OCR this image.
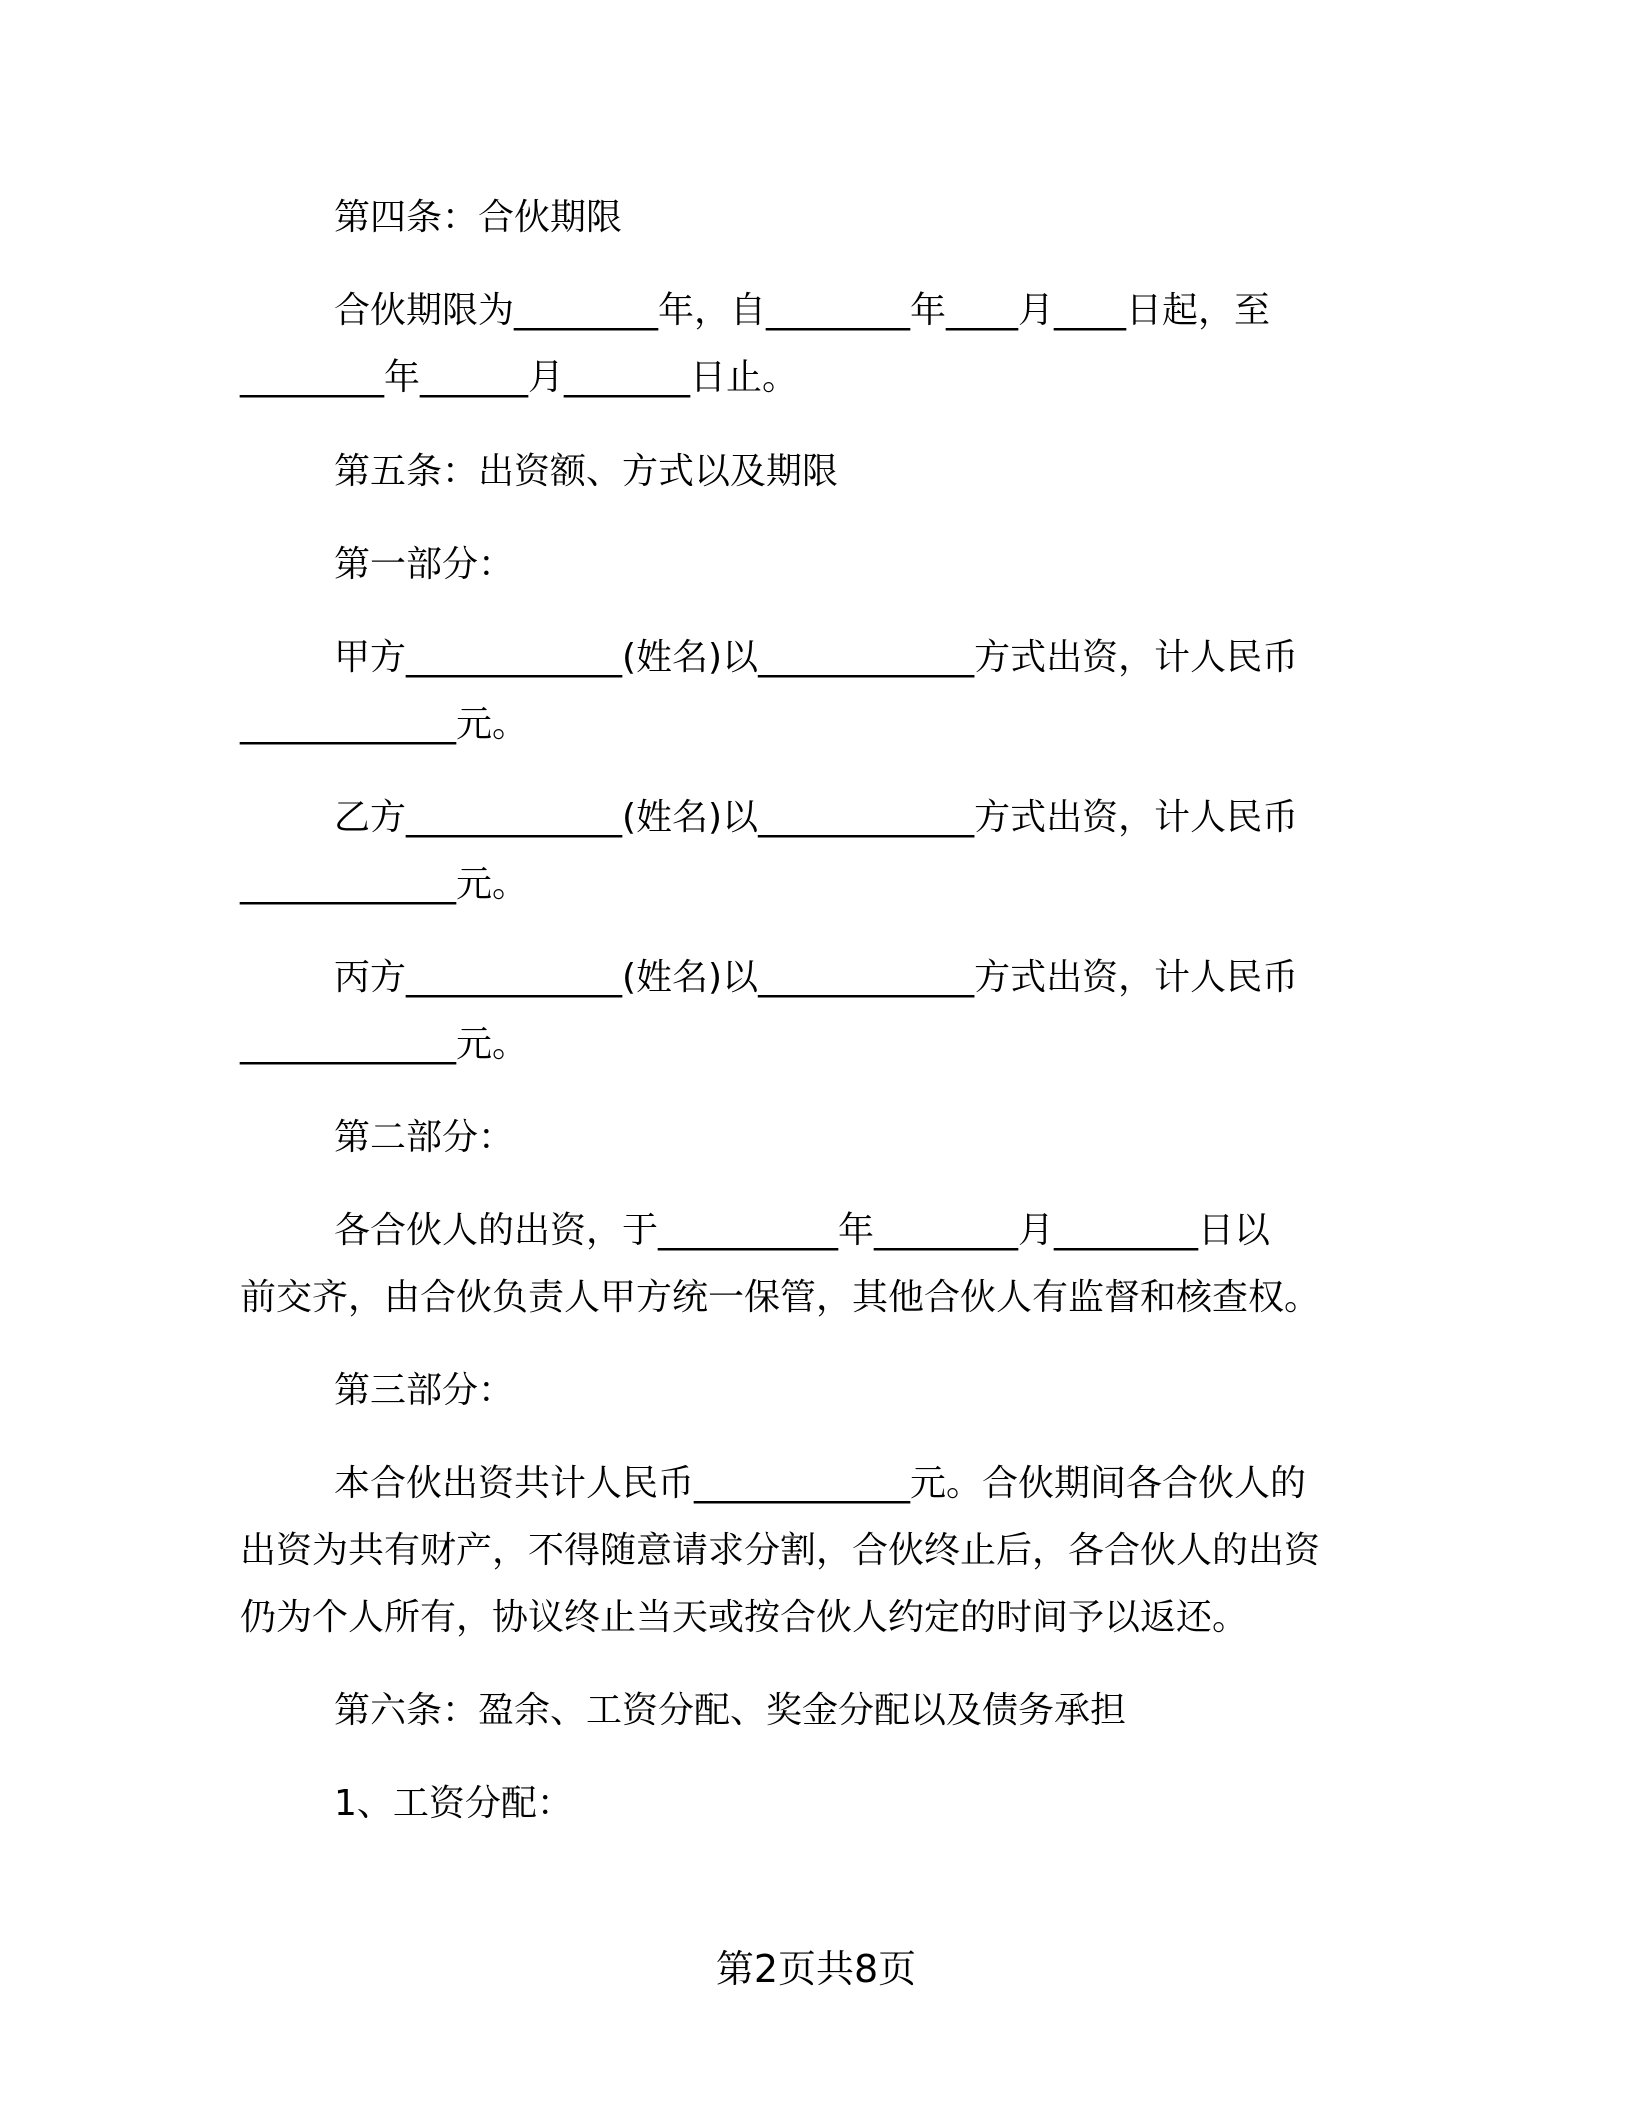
第四条：合伙期限
合伙期限为________年，自________年____月____日起，至
________年______月_______日止。
第五条：出资额、方式以及期限
第一部分：
甲方____________(姓名)以____________方式出资，计人民币
____________元。
乙方____________(姓名)以____________方式出资，计人民币
____________元。
丙方____________(姓名)以____________方式出资，计人民币
____________元。
第二部分：
各合伙人的出资，于__________年________月________日以
前交齐，由合伙负责人甲方统一保管，其他合伙人有监督和核查权。
第三部分：
本合伙出资共计人民币____________元。合伙期间各合伙人的
出资为共有财产，不得随意请求分割，合伙终止后，各合伙人的出资
仍为个人所有，协议终止当天或按合伙人约定的时间予以返还。
第六条：盈余、工资分配、奖金分配以及债务承担
1、工资分配：
第2页共8页
